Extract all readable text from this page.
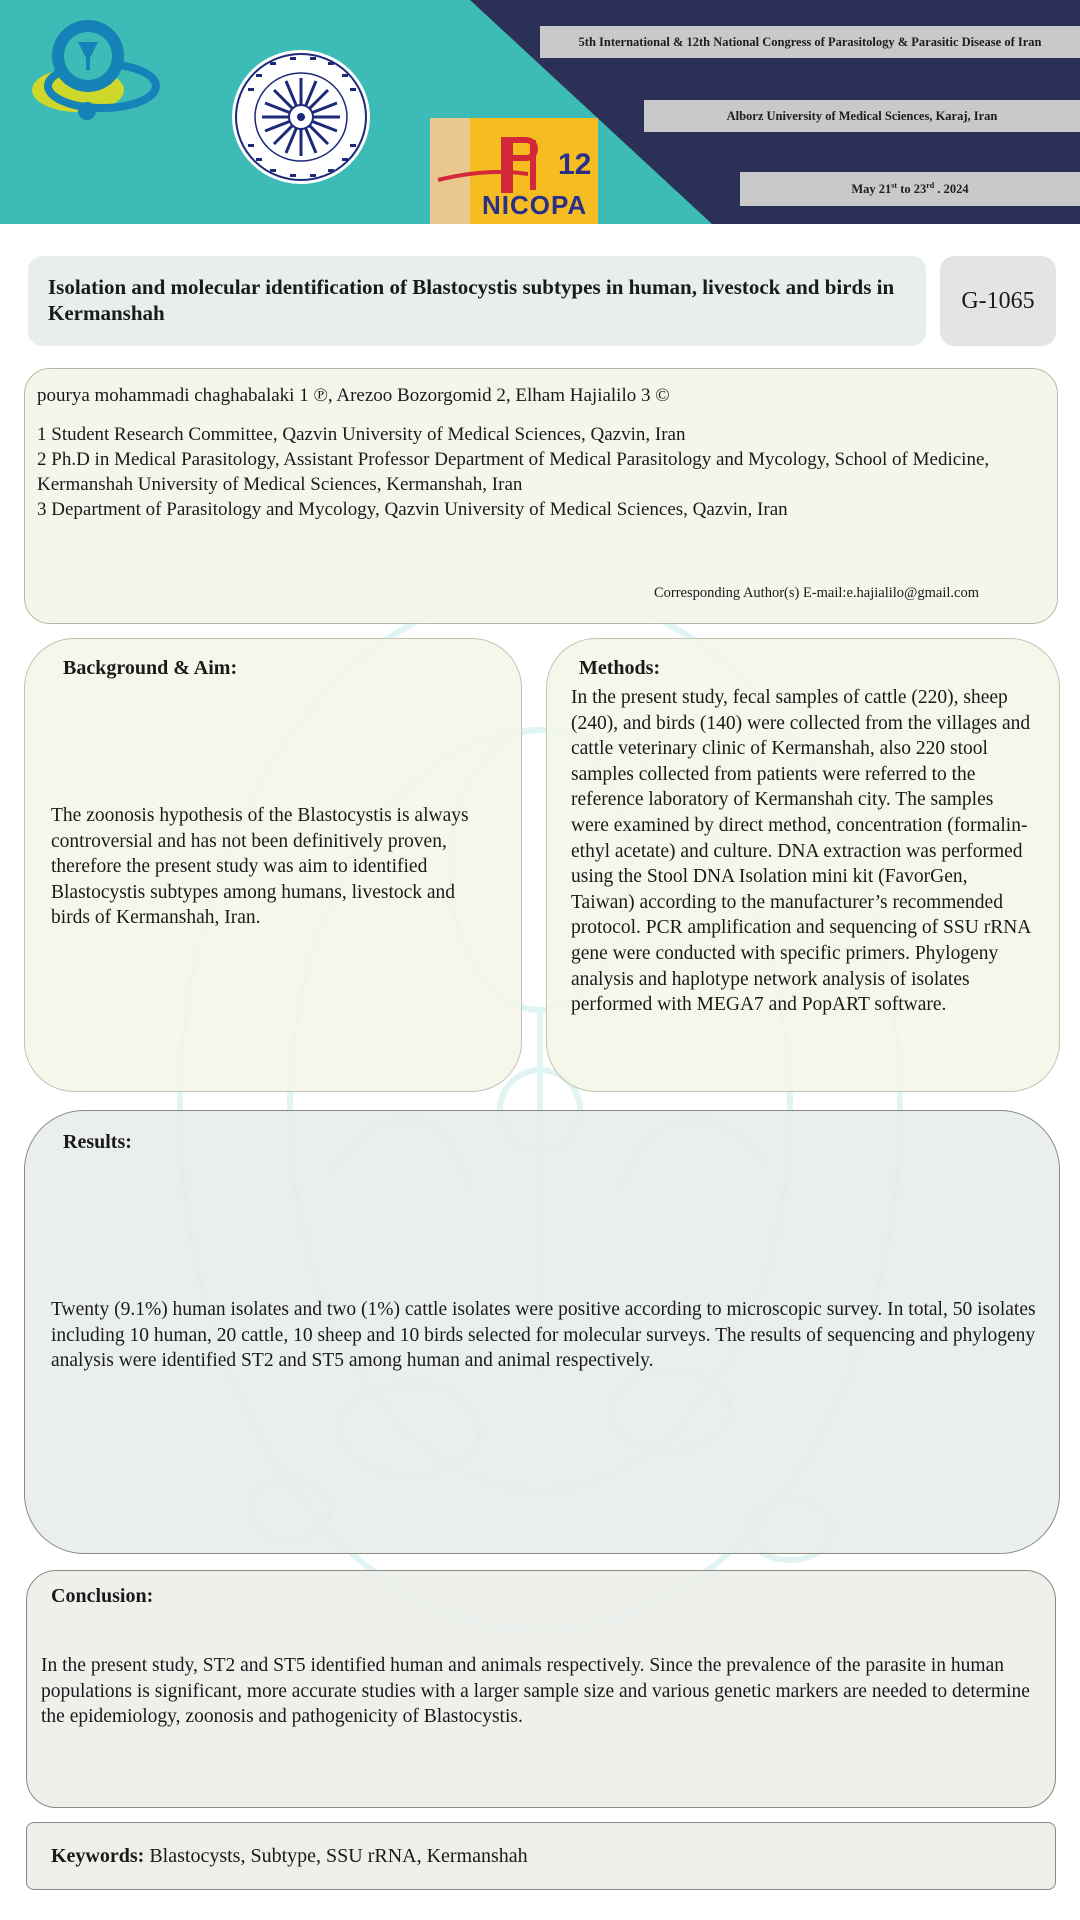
12
NICOPA
5th International & 12th National Congress of Parasitology & Parasitic Disease of Iran
Alborz University of Medical Sciences, Karaj, Iran
May 21st to 23rd . 2024
Isolation and molecular identification of Blastocystis subtypes in human, livestock and birds in Kermanshah	G-1065
pourya mohammadi chaghabalaki 1 ℗, Arezoo Bozorgomid 2, Elham Hajialilo 3 ©
1 Student Research Committee, Qazvin University of Medical Sciences, Qazvin, Iran
2 Ph.D in Medical Parasitology, Assistant Professor Department of Medical Parasitology and Mycology, School of Medicine, Kermanshah University of Medical Sciences, Kermanshah, Iran
3 Department of Parasitology and Mycology, Qazvin University of Medical Sciences, Qazvin, Iran
Corresponding Author(s) E-mail:e.hajialilo@gmail.com
Background & Aim:
The zoonosis hypothesis of the Blastocystis is always controversial and has not been definitively proven, therefore the present study was aim to identified Blastocystis subtypes among humans, livestock and birds of Kermanshah, Iran.
Methods:
In the present study, fecal samples of cattle (220), sheep (240), and birds (140) were collected from the villages and cattle veterinary clinic of Kermanshah, also 220 stool samples collected from patients were referred to the reference laboratory of Kermanshah city. The samples were examined by direct method, concentration (formalin-ethyl acetate) and culture. DNA extraction was performed using the Stool DNA Isolation mini kit (FavorGen, Taiwan) according to the manufacturer’s recommended protocol. PCR amplification and sequencing of SSU rRNA gene were conducted with specific primers. Phylogeny analysis and haplotype network analysis of isolates performed with MEGA7 and PopART software.
Results:
Twenty (9.1%) human isolates and two (1%) cattle isolates were positive according to microscopic survey. In total, 50 isolates including 10 human, 20 cattle, 10 sheep and 10 birds selected for molecular surveys. The results of sequencing and phylogeny analysis were identified ST2 and ST5 among human and animal respectively.
Conclusion:
In the present study, ST2 and ST5 identified human and animals respectively. Since the prevalence of the parasite in human populations is significant, more accurate studies with a larger sample size and various genetic markers are needed to determine the epidemiology, zoonosis and pathogenicity of Blastocystis.
Keywords: Blastocysts, Subtype, SSU rRNA, Kermanshah
